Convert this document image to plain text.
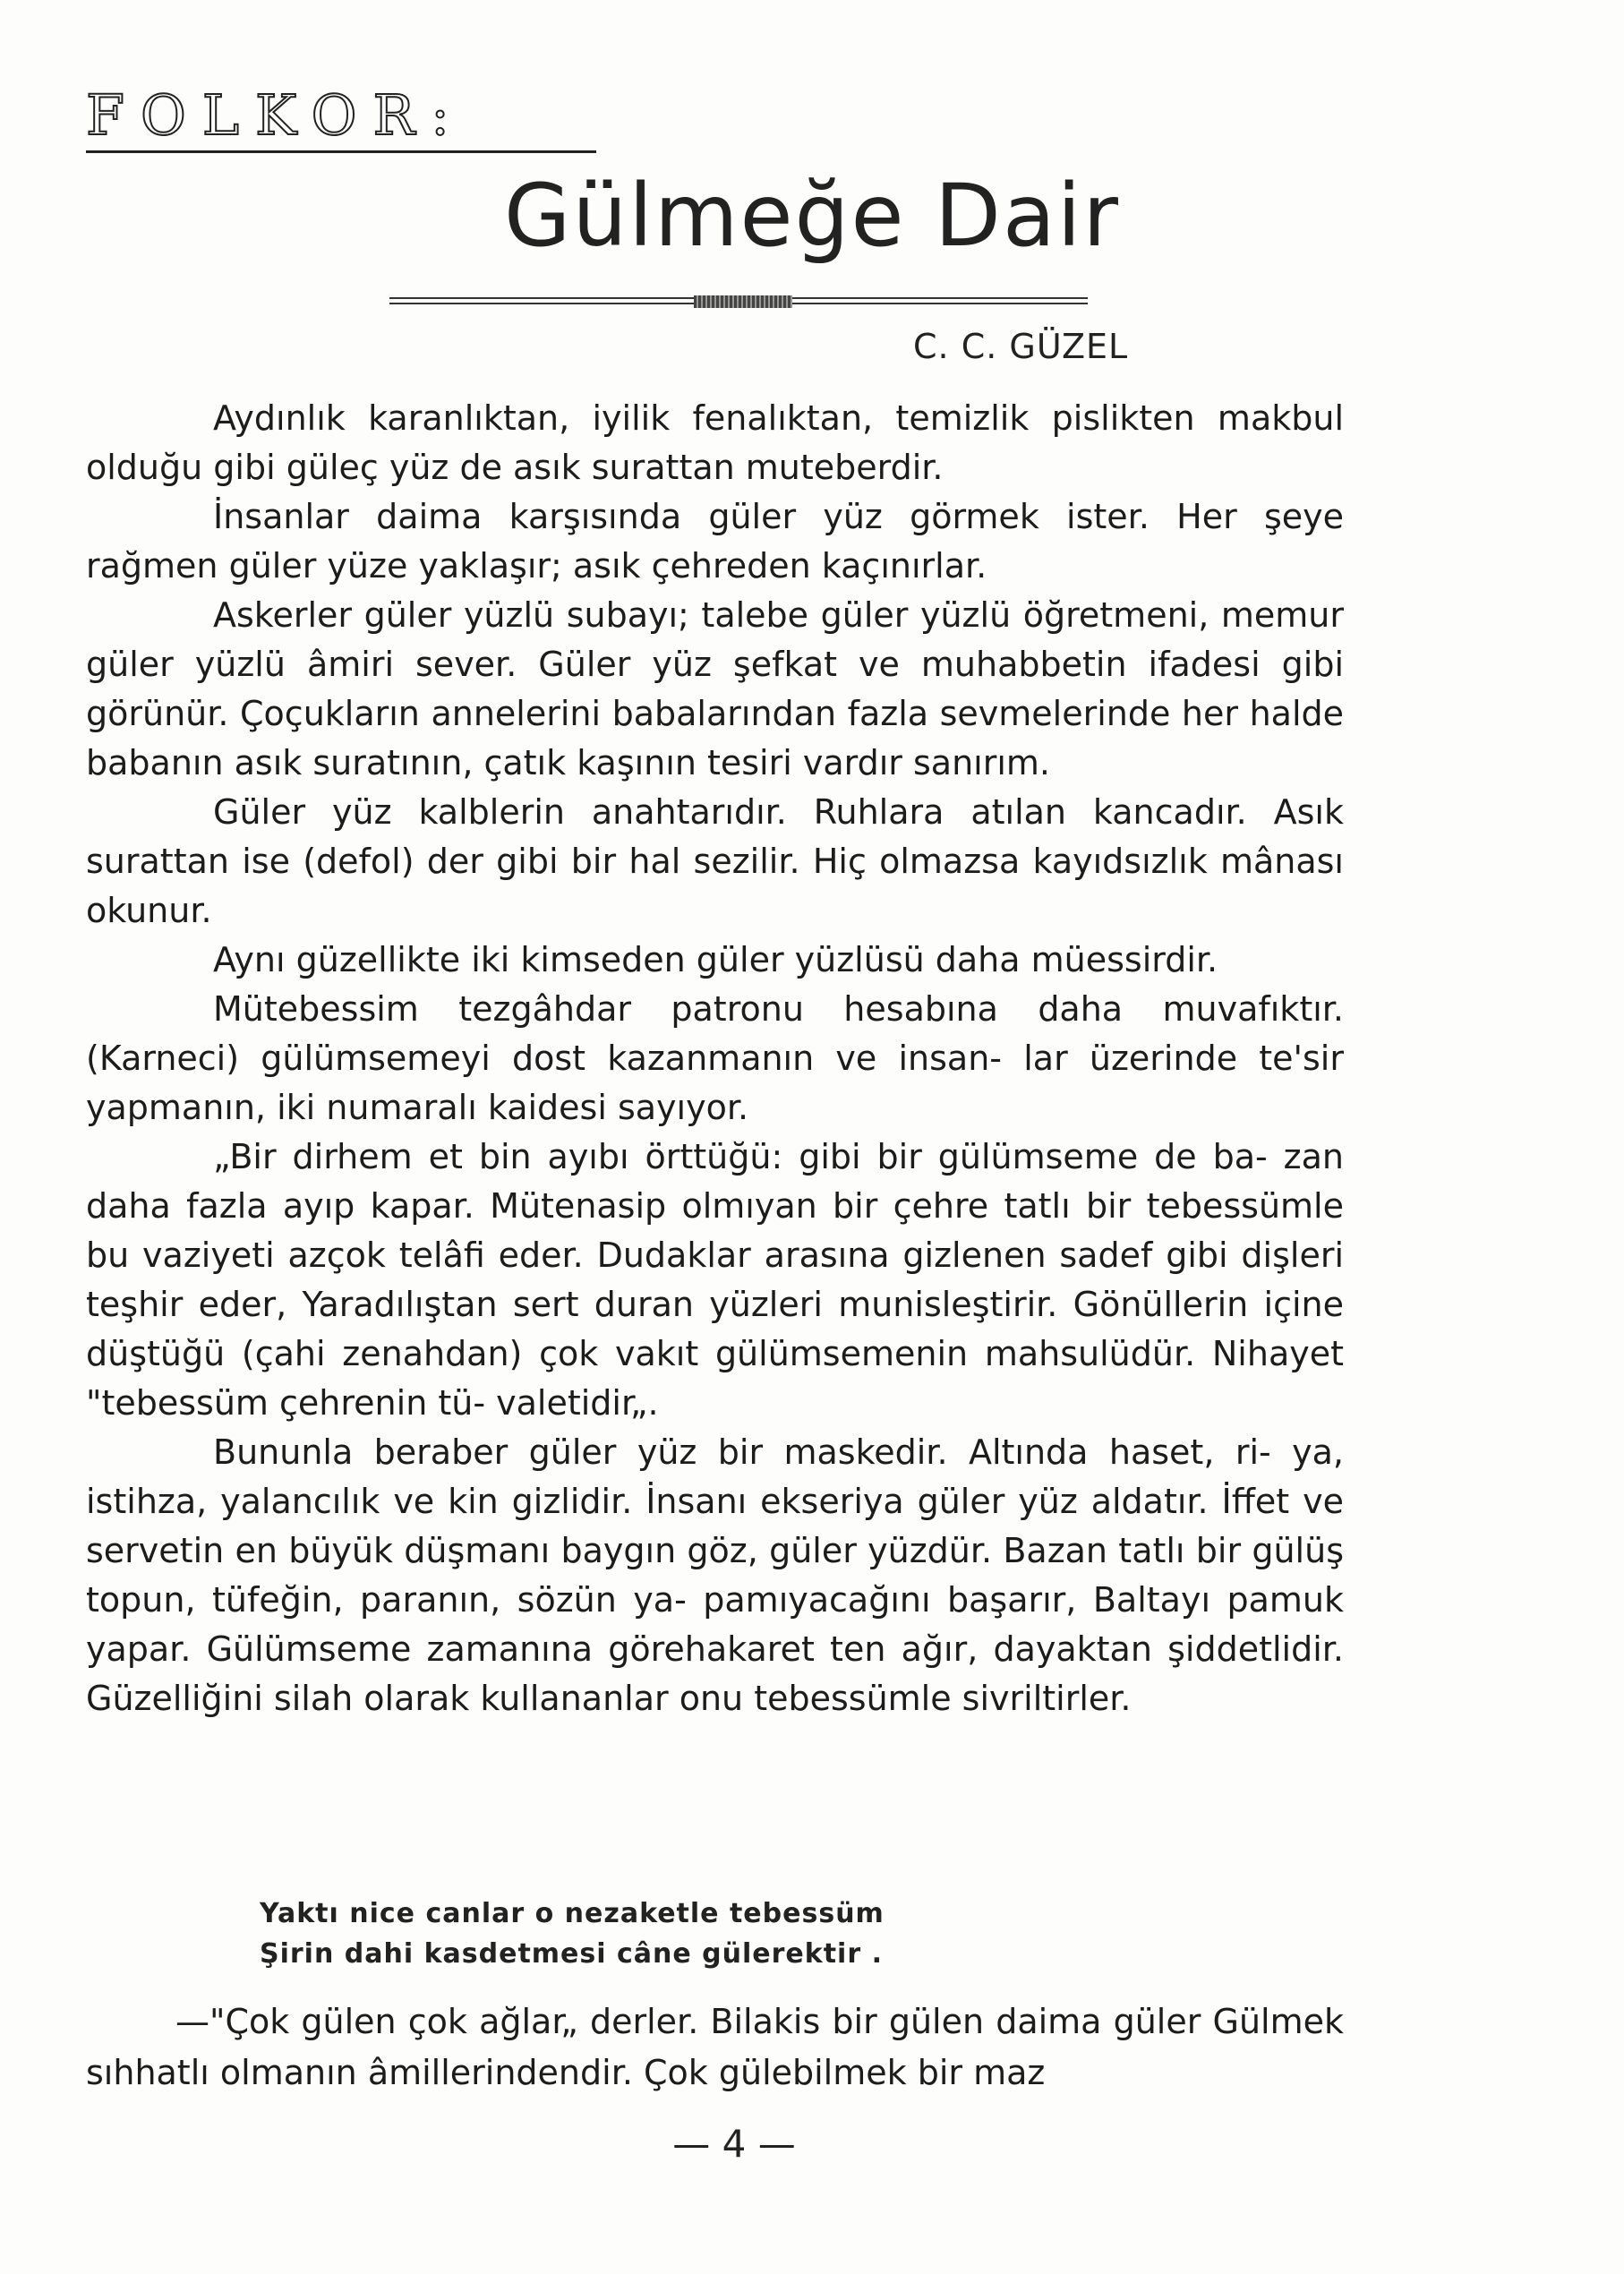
FOLKOR:
Gülmeğe Dair
C. C. GÜZEL

Aydınlık karanlıktan, iyilik fenalıktan, temizlik pislikten makbul olduğu gibi güleç yüz de asık surattan muteberdir.

İnsanlar daima karşısında güler yüz görmek ister. Her şeye rağmen güler yüze yaklaşır; asık çehreden kaçınırlar.

Askerler güler yüzlü subayı; talebe güler yüzlü öğretmeni, memur güler yüzlü âmiri sever. Güler yüz şefkat ve muhabbetin ifadesi gibi görünür. Çoçukların annelerini babalarından fazla sevmelerinde her halde babanın asık suratının, çatık kaşının tesiri vardır sanırım.

Güler yüz kalblerin anahtarıdır. Ruhlara atılan kancadır. Asık surattan ise (defol) der gibi bir hal sezilir. Hiç olmazsa kayıdsızlık mânası okunur.

Aynı güzellikte iki kimseden güler yüzlüsü daha müessirdir.

Mütebessim tezgâhdar patronu hesabına daha muvafıktır. (Karneci) gülümsemeyi dost kazanmanın ve insan- lar üzerinde te'sir yapmanın, iki numaralı kaidesi sayıyor.

„Bir dirhem et bin ayıbı örttüğü: gibi bir gülümseme de ba- zan daha fazla ayıp kapar. Mütenasip olmıyan bir çehre tatlı bir tebessümle bu vaziyeti azçok telâfi eder. Dudaklar arasına gizlenen sadef gibi dişleri teşhir eder, Yaradılıştan sert duran yüzleri munisleştirir. Gönüllerin içine düştüğü (çahi zenahdan) çok vakıt gülümsemenin mahsulüdür. Nihayet "tebessüm çehrenin tü- valetidir„.

Bununla beraber güler yüz bir maskedir. Altında haset, ri- ya, istihza, yalancılık ve kin gizlidir. İnsanı ekseriya güler yüz aldatır. İffet ve servetin en büyük düşmanı baygın göz, güler yüzdür. Bazan tatlı bir gülüş topun, tüfeğin, paranın, sözün ya- pamıyacağını başarır, Baltayı pamuk yapar. Gülümseme zamanına görehakaret ten ağır, dayaktan şiddetlidir. Güzelliğini silah olarak kullananlar onu tebessümle sivriltirler.

Yaktı nice canlar o nezaketle tebessüm
Şirin dahi kasdetmesi câne gülerektir .
—"Çok gülen çok ağlar„ derler. Bilakis bir gülen daima güler Gülmek sıhhatlı olmanın âmillerindendir. Çok gülebilmek bir maz
— 4 —
